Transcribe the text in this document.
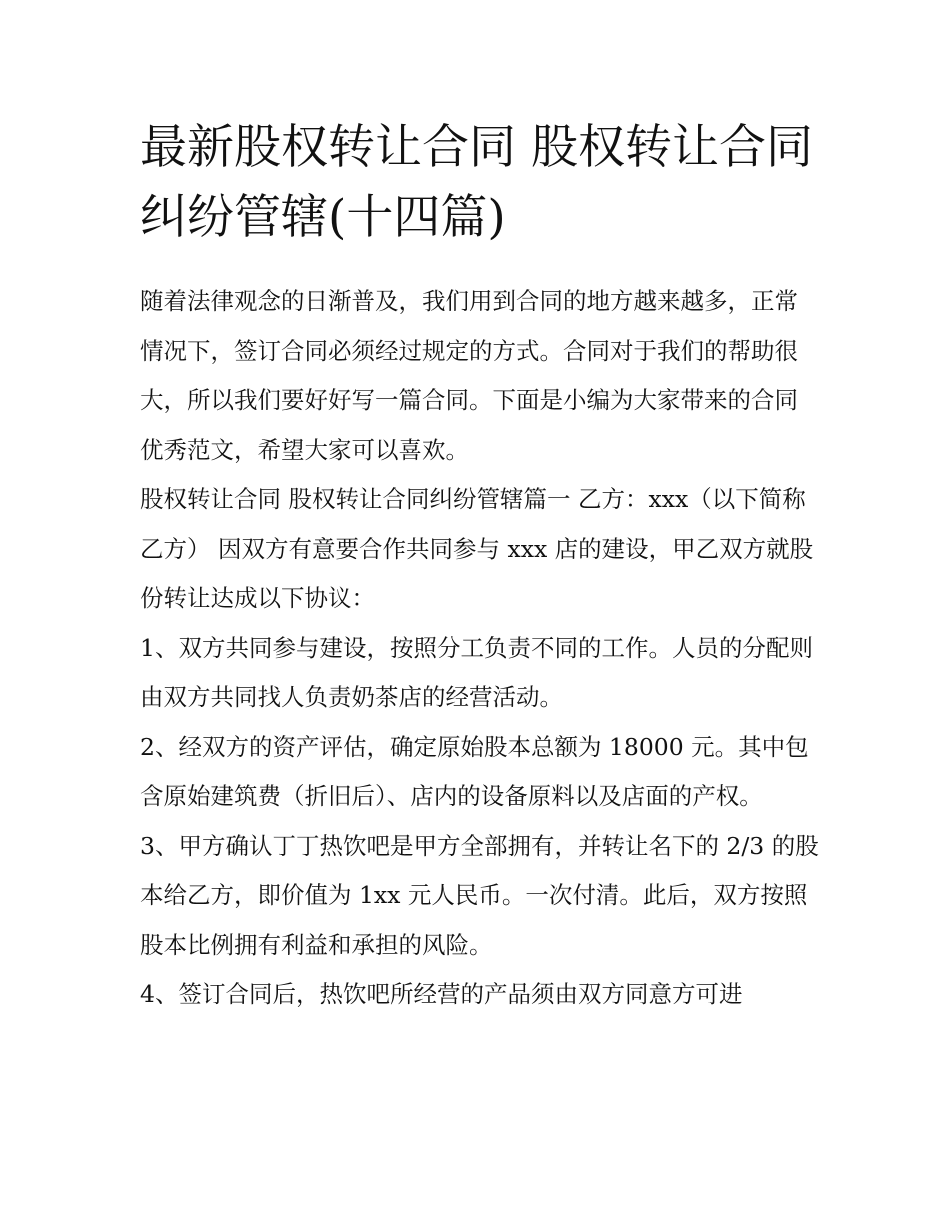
最新股权转让合同 股权转让合同纠纷管辖(十四篇)

随着法律观念的日渐普及，我们用到合同的地方越来越多，正常情况下，签订合同必须经过规定的方式。合同对于我们的帮助很大，所以我们要好好写一篇合同。下面是小编为大家带来的合同优秀范文，希望大家可以喜欢。

股权转让合同 股权转让合同纠纷管辖篇一 乙方：xxx（以下简称乙方） 因双方有意要合作共同参与 xxx 店的建设，甲乙双方就股份转让达成以下协议：

1、双方共同参与建设，按照分工负责不同的工作。人员的分配则由双方共同找人负责奶茶店的经营活动。

2、经双方的资产评估，确定原始股本总额为 18000 元。其中包含原始建筑费（折旧后）、店内的设备原料以及店面的产权。

3、甲方确认丁丁热饮吧是甲方全部拥有，并转让名下的 2/3 的股本给乙方，即价值为 1xx 元人民币。一次付清。此后，双方按照股本比例拥有利益和承担的风险。

4、签订合同后，热饮吧所经营的产品须由双方同意方可进
